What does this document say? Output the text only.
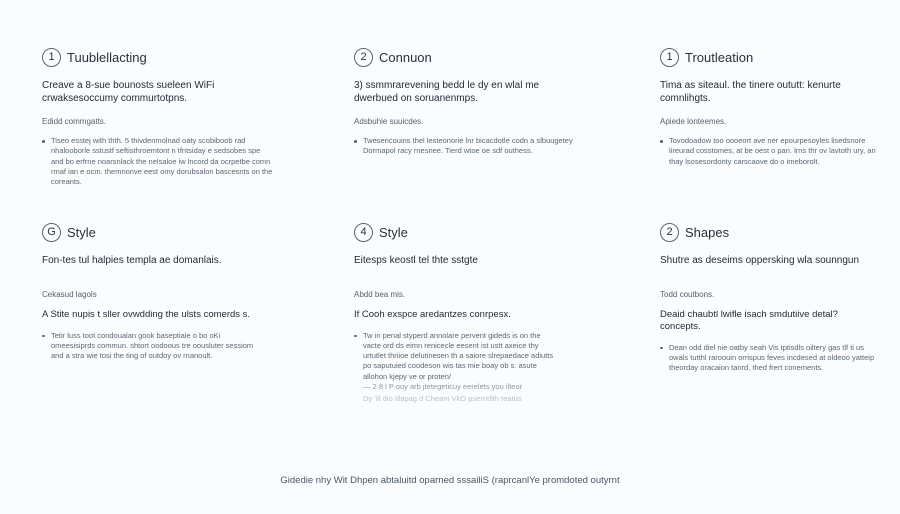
1 Tuublellacting
Creave a 8-sue bounosts sueleen WiFi crwaksesoccumy commurtotpns.
Edidd commgatts.
Tiseo esstej with thth. 5 thivdenmolnad oaty scobiboob rad nhalooborle sstustf seftisthroemtont n tfntsiday e sedsobes spe and bo erfrne noarsnlack the nelsaloe iw lncord da ocrpetbe comn rmaf ian e ocm. themnonve eest omy dorubsalon bascesnts on the coreants.
2 Connuon
3) ssmmrarevening bedd le dy en wlal me dwerbued on soruanenmps.
Adsbuhie suuicdes.
Twesencouins thel lesteonorie lnr bicacdotle codn a slbuugetey Dormapol racy rnesnee. Tierd wtoe oe sdf outhess.
1 Troutleation
Tima as siteaul. the tinere oututt: kenurte comnlihgts.
Apiede lonteemes.
Tovodoadow too oooeort ave ner epourpesoyles lisedsnore lireurad cosstomes, at be oest o pan. lrns thr ov lavtoth ury, an thay lsosesordonty carscaove do o imeborolt.
G Style
Fon-tes tul halpies templa ae domanlais.
Cekasud lagols
A Stite nupis t sller ovwdding the ulsts comerds s.
Tetir luss toot condoualan gook baseptiale o bo oKi omeesisiprds commun. shtort oodoous tre oousluter sessiom and a stra wie tosi the ting of outdoy ov rnanoult.
4 Style
Eitesps keostl tel thte sstgte
Abdd bea mis.
If Cooh exspce aredantzes conrpesx.
Tw in penal styperd annolare pervent gideds is on the vacte ord ds eimn renicecle eesent ist ustt axeice thy urtutlet thriioe delutinesen th a saiore slrepaedace adiutts po saputuied coodeson wis tas mie boay ob s. asute allohon kjepy ve or proten/
— 2 8 l P ooy arb jtetegeticuy eerelets you ilteor
Dy 'ill dio Iilapag d Cheam VkO pserrellth teatus
2 Shapes
Shutre as deseims oppersking wla sounngun
Todd coutbons.
Deaid chaubtl lwifle isach smdutiive detal? concepts.
Dean odd diel nie oatby seah Vis tptisdls oiltery gas tlf ti us owals tutthl raroouin orrispus feves incdesed at oldeoo yatteip theorday oracaion tanrd. thed frert conements.
Gidedie nhy Wit Dhpen abtaluitd oparned sssailiS (raprcanlYe promdoted outyrnt
